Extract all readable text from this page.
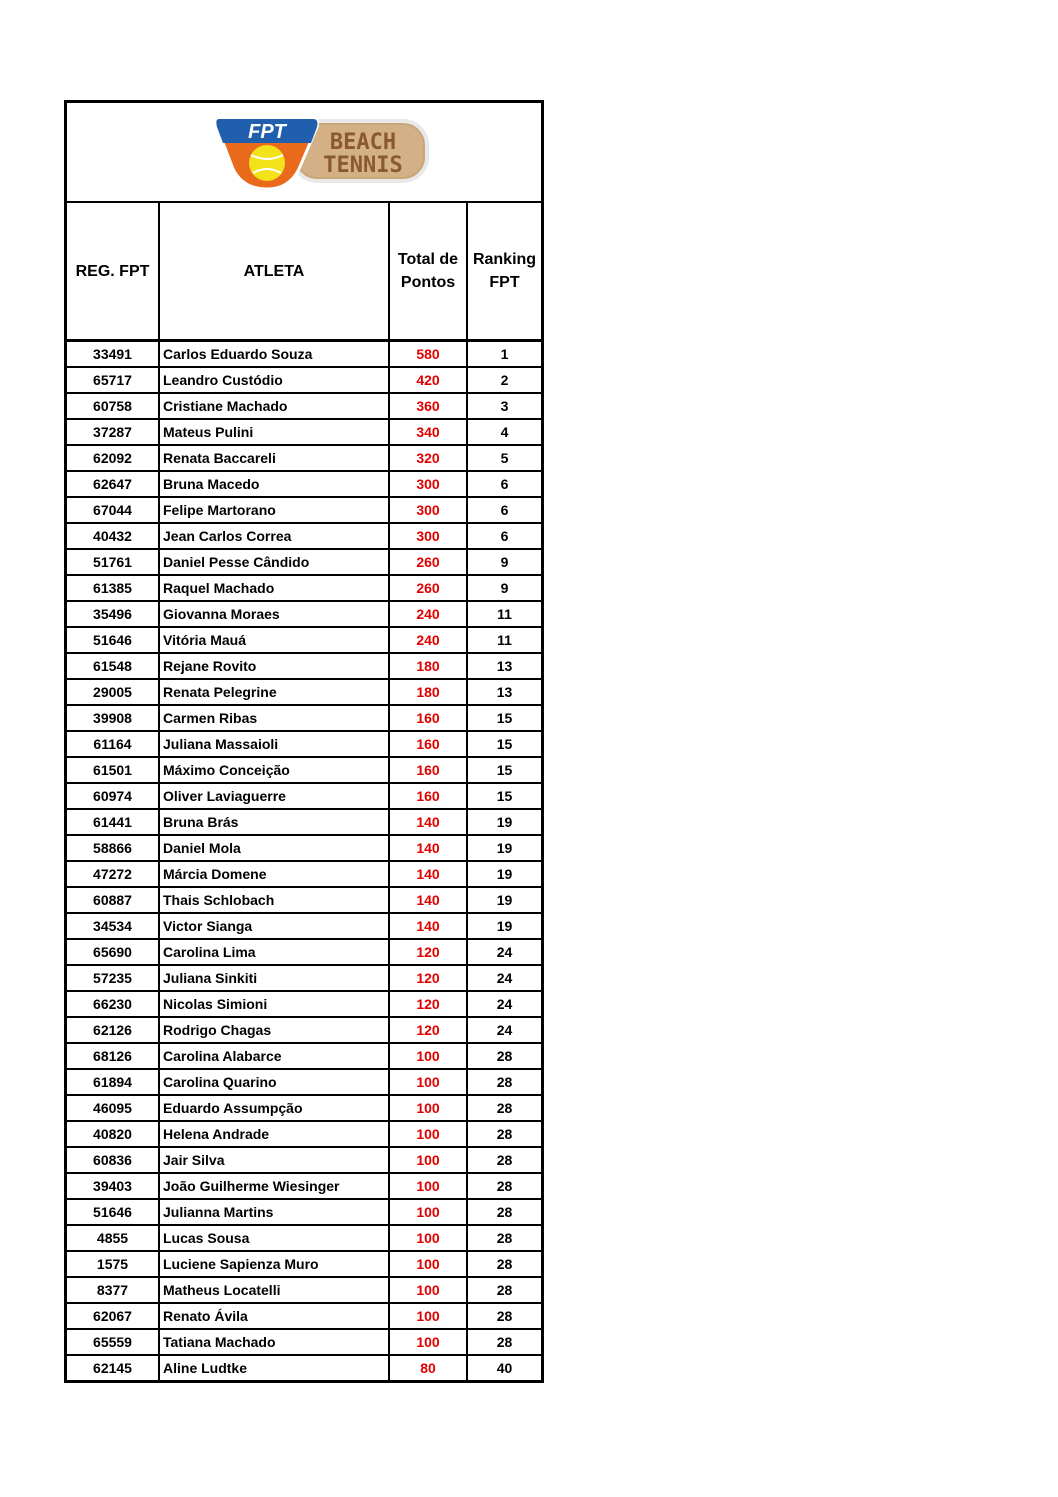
FPT BEACH
TENNIS
REG. FPT	ATLETA	Total de Pontos	Ranking FPT
33491	Carlos Eduardo Souza	580	1
65717	Leandro Custódio	420	2
60758	Cristiane Machado	360	3
37287	Mateus Pulini	340	4
62092	Renata Baccareli	320	5
62647	Bruna Macedo	300	6
67044	Felipe Martorano	300	6
40432	Jean Carlos Correa	300	6
51761	Daniel Pesse Cândido	260	9
61385	Raquel Machado	260	9
35496	Giovanna Moraes	240	11
51646	Vitória Mauá	240	11
61548	Rejane Rovito	180	13
29005	Renata Pelegrine	180	13
39908	Carmen Ribas	160	15
61164	Juliana Massaioli	160	15
61501	Máximo Conceição	160	15
60974	Oliver Laviaguerre	160	15
61441	Bruna Brás	140	19
58866	Daniel Mola	140	19
47272	Márcia Domene	140	19
60887	Thais Schlobach	140	19
34534	Victor Sianga	140	19
65690	Carolina Lima	120	24
57235	Juliana Sinkiti	120	24
66230	Nicolas Simioni	120	24
62126	Rodrigo Chagas	120	24
68126	Carolina Alabarce	100	28
61894	Carolina Quarino	100	28
46095	Eduardo Assumpção	100	28
40820	Helena Andrade	100	28
60836	Jair Silva	100	28
39403	João Guilherme Wiesinger	100	28
51646	Julianna Martins	100	28
4855	Lucas Sousa	100	28
1575	Luciene Sapienza Muro	100	28
8377	Matheus Locatelli	100	28
62067	Renato Ávila	100	28
65559	Tatiana Machado	100	28
62145	Aline Ludtke	80	40
